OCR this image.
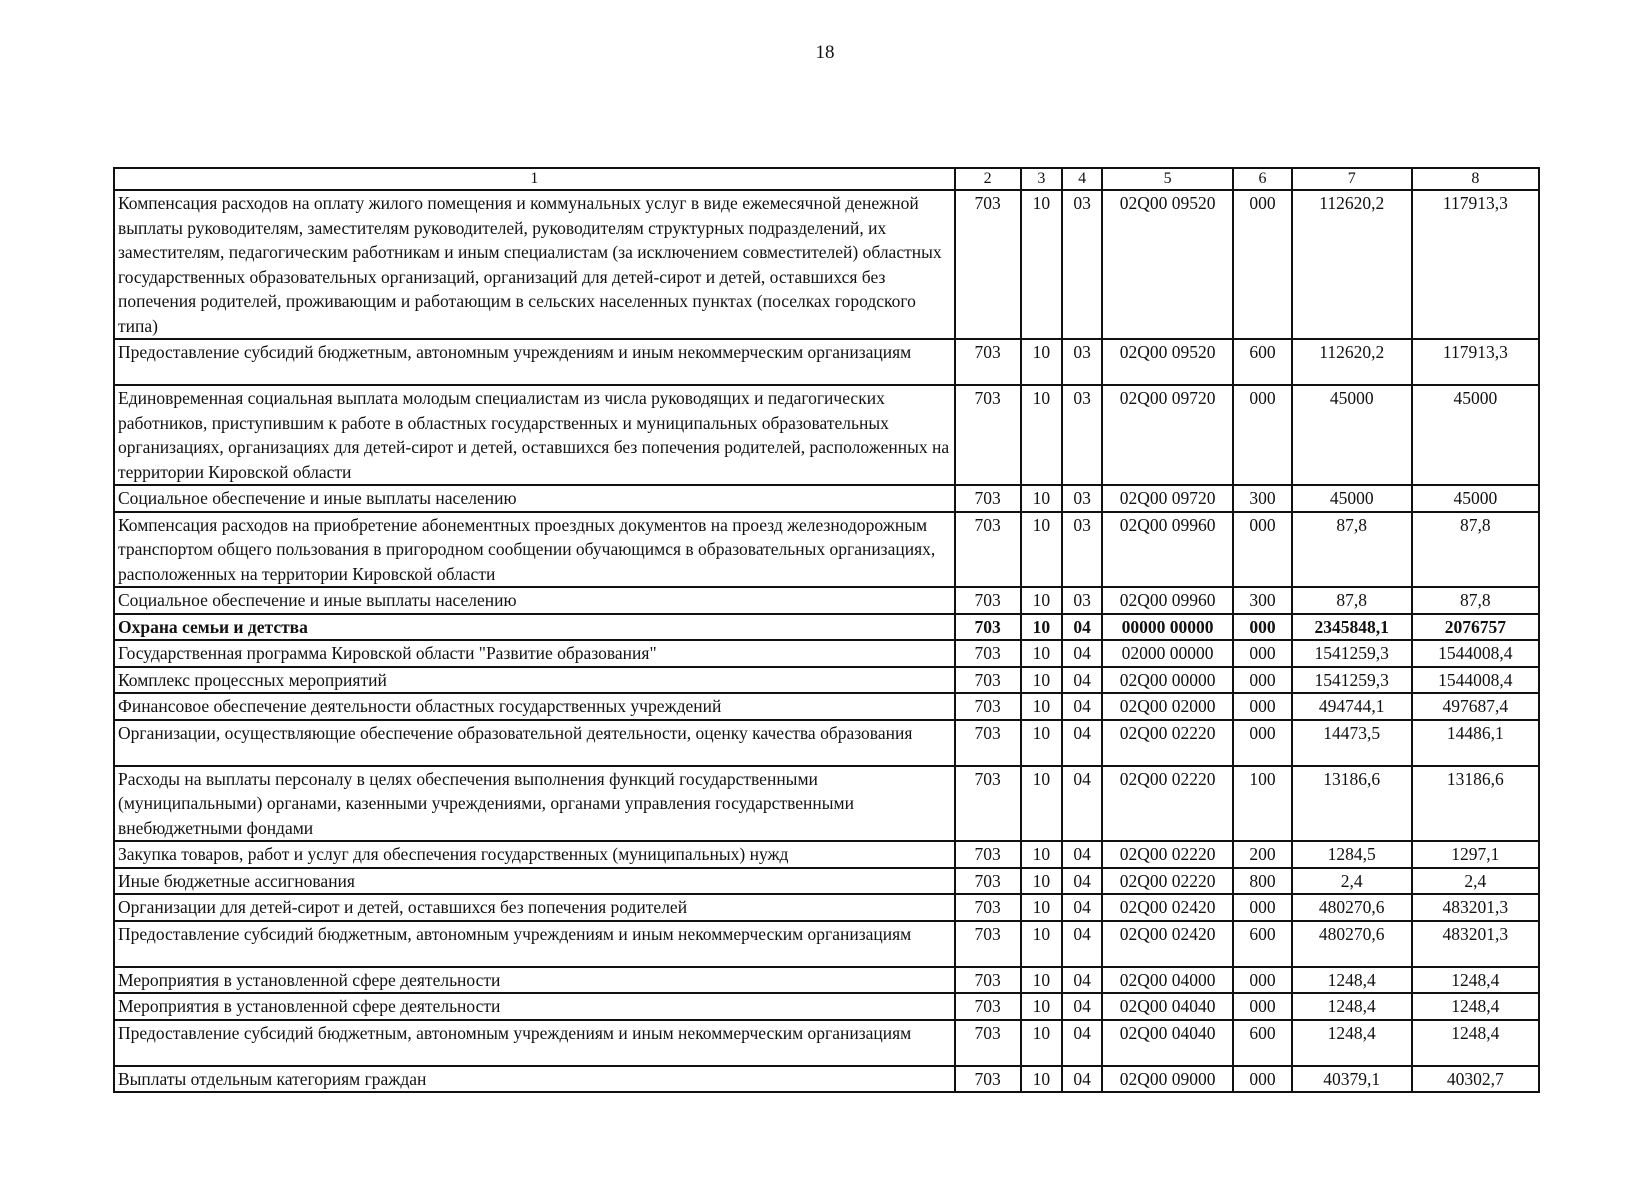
18
1	2	3	4	5	6	7	8
Компенсация расходов на оплату жилого помещения и коммунальных услуг в виде ежемесячной денежной выплаты руководителям, заместителям руководителей, руководителям структурных подразделений, их заместителям, педагогическим работникам и иным специалистам (за исключением совместителей) областных государственных образовательных организаций, организаций для детей-сирот и детей, оставшихся без попечения родителей, проживающим и работающим в сельских населенных пунктах (поселках городского типа)	703	10	03	02Q00 09520	000	112620,2	117913,3
Предоставление субсидий бюджетным, автономным учреждениям и иным некоммерческим организациям	703	10	03	02Q00 09520	600	112620,2	117913,3
Единовременная социальная выплата молодым специалистам из числа руководящих и педагогических работников, приступившим к работе в областных государственных и муниципальных образовательных организациях, организациях для детей-сирот и детей, оставшихся без попечения родителей, расположенных на территории Кировской области	703	10	03	02Q00 09720	000	45000	45000
Социальное обеспечение и иные выплаты населению	703	10	03	02Q00 09720	300	45000	45000
Компенсация расходов на приобретение абонементных проездных документов на проезд железнодорожным транспортом общего пользования в пригородном сообщении обучающимся в образовательных организациях, расположенных на территории Кировской области	703	10	03	02Q00 09960	000	87,8	87,8
Социальное обеспечение и иные выплаты населению	703	10	03	02Q00 09960	300	87,8	87,8
Охрана семьи и детства	703	10	04	00000 00000	000	2345848,1	2076757
Государственная программа Кировской области "Развитие образования"	703	10	04	02000 00000	000	1541259,3	1544008,4
Комплекс процессных мероприятий	703	10	04	02Q00 00000	000	1541259,3	1544008,4
Финансовое обеспечение деятельности областных государственных учреждений	703	10	04	02Q00 02000	000	494744,1	497687,4
Организации, осуществляющие обеспечение образовательной деятельности, оценку качества образования	703	10	04	02Q00 02220	000	14473,5	14486,1
Расходы на выплаты персоналу в целях обеспечения выполнения функций государственными (муниципальными) органами, казенными учреждениями, органами управления государственными внебюджетными фондами	703	10	04	02Q00 02220	100	13186,6	13186,6
Закупка товаров, работ и услуг для обеспечения государственных (муниципальных) нужд	703	10	04	02Q00 02220	200	1284,5	1297,1
Иные бюджетные ассигнования	703	10	04	02Q00 02220	800	2,4	2,4
Организации для детей-сирот и детей, оставшихся без попечения родителей	703	10	04	02Q00 02420	000	480270,6	483201,3
Предоставление субсидий бюджетным, автономным учреждениям и иным некоммерческим организациям	703	10	04	02Q00 02420	600	480270,6	483201,3
Мероприятия в установленной сфере деятельности	703	10	04	02Q00 04000	000	1248,4	1248,4
Мероприятия в установленной сфере деятельности	703	10	04	02Q00 04040	000	1248,4	1248,4
Предоставление субсидий бюджетным, автономным учреждениям и иным некоммерческим организациям	703	10	04	02Q00 04040	600	1248,4	1248,4
Выплаты отдельным категориям граждан	703	10	04	02Q00 09000	000	40379,1	40302,7
